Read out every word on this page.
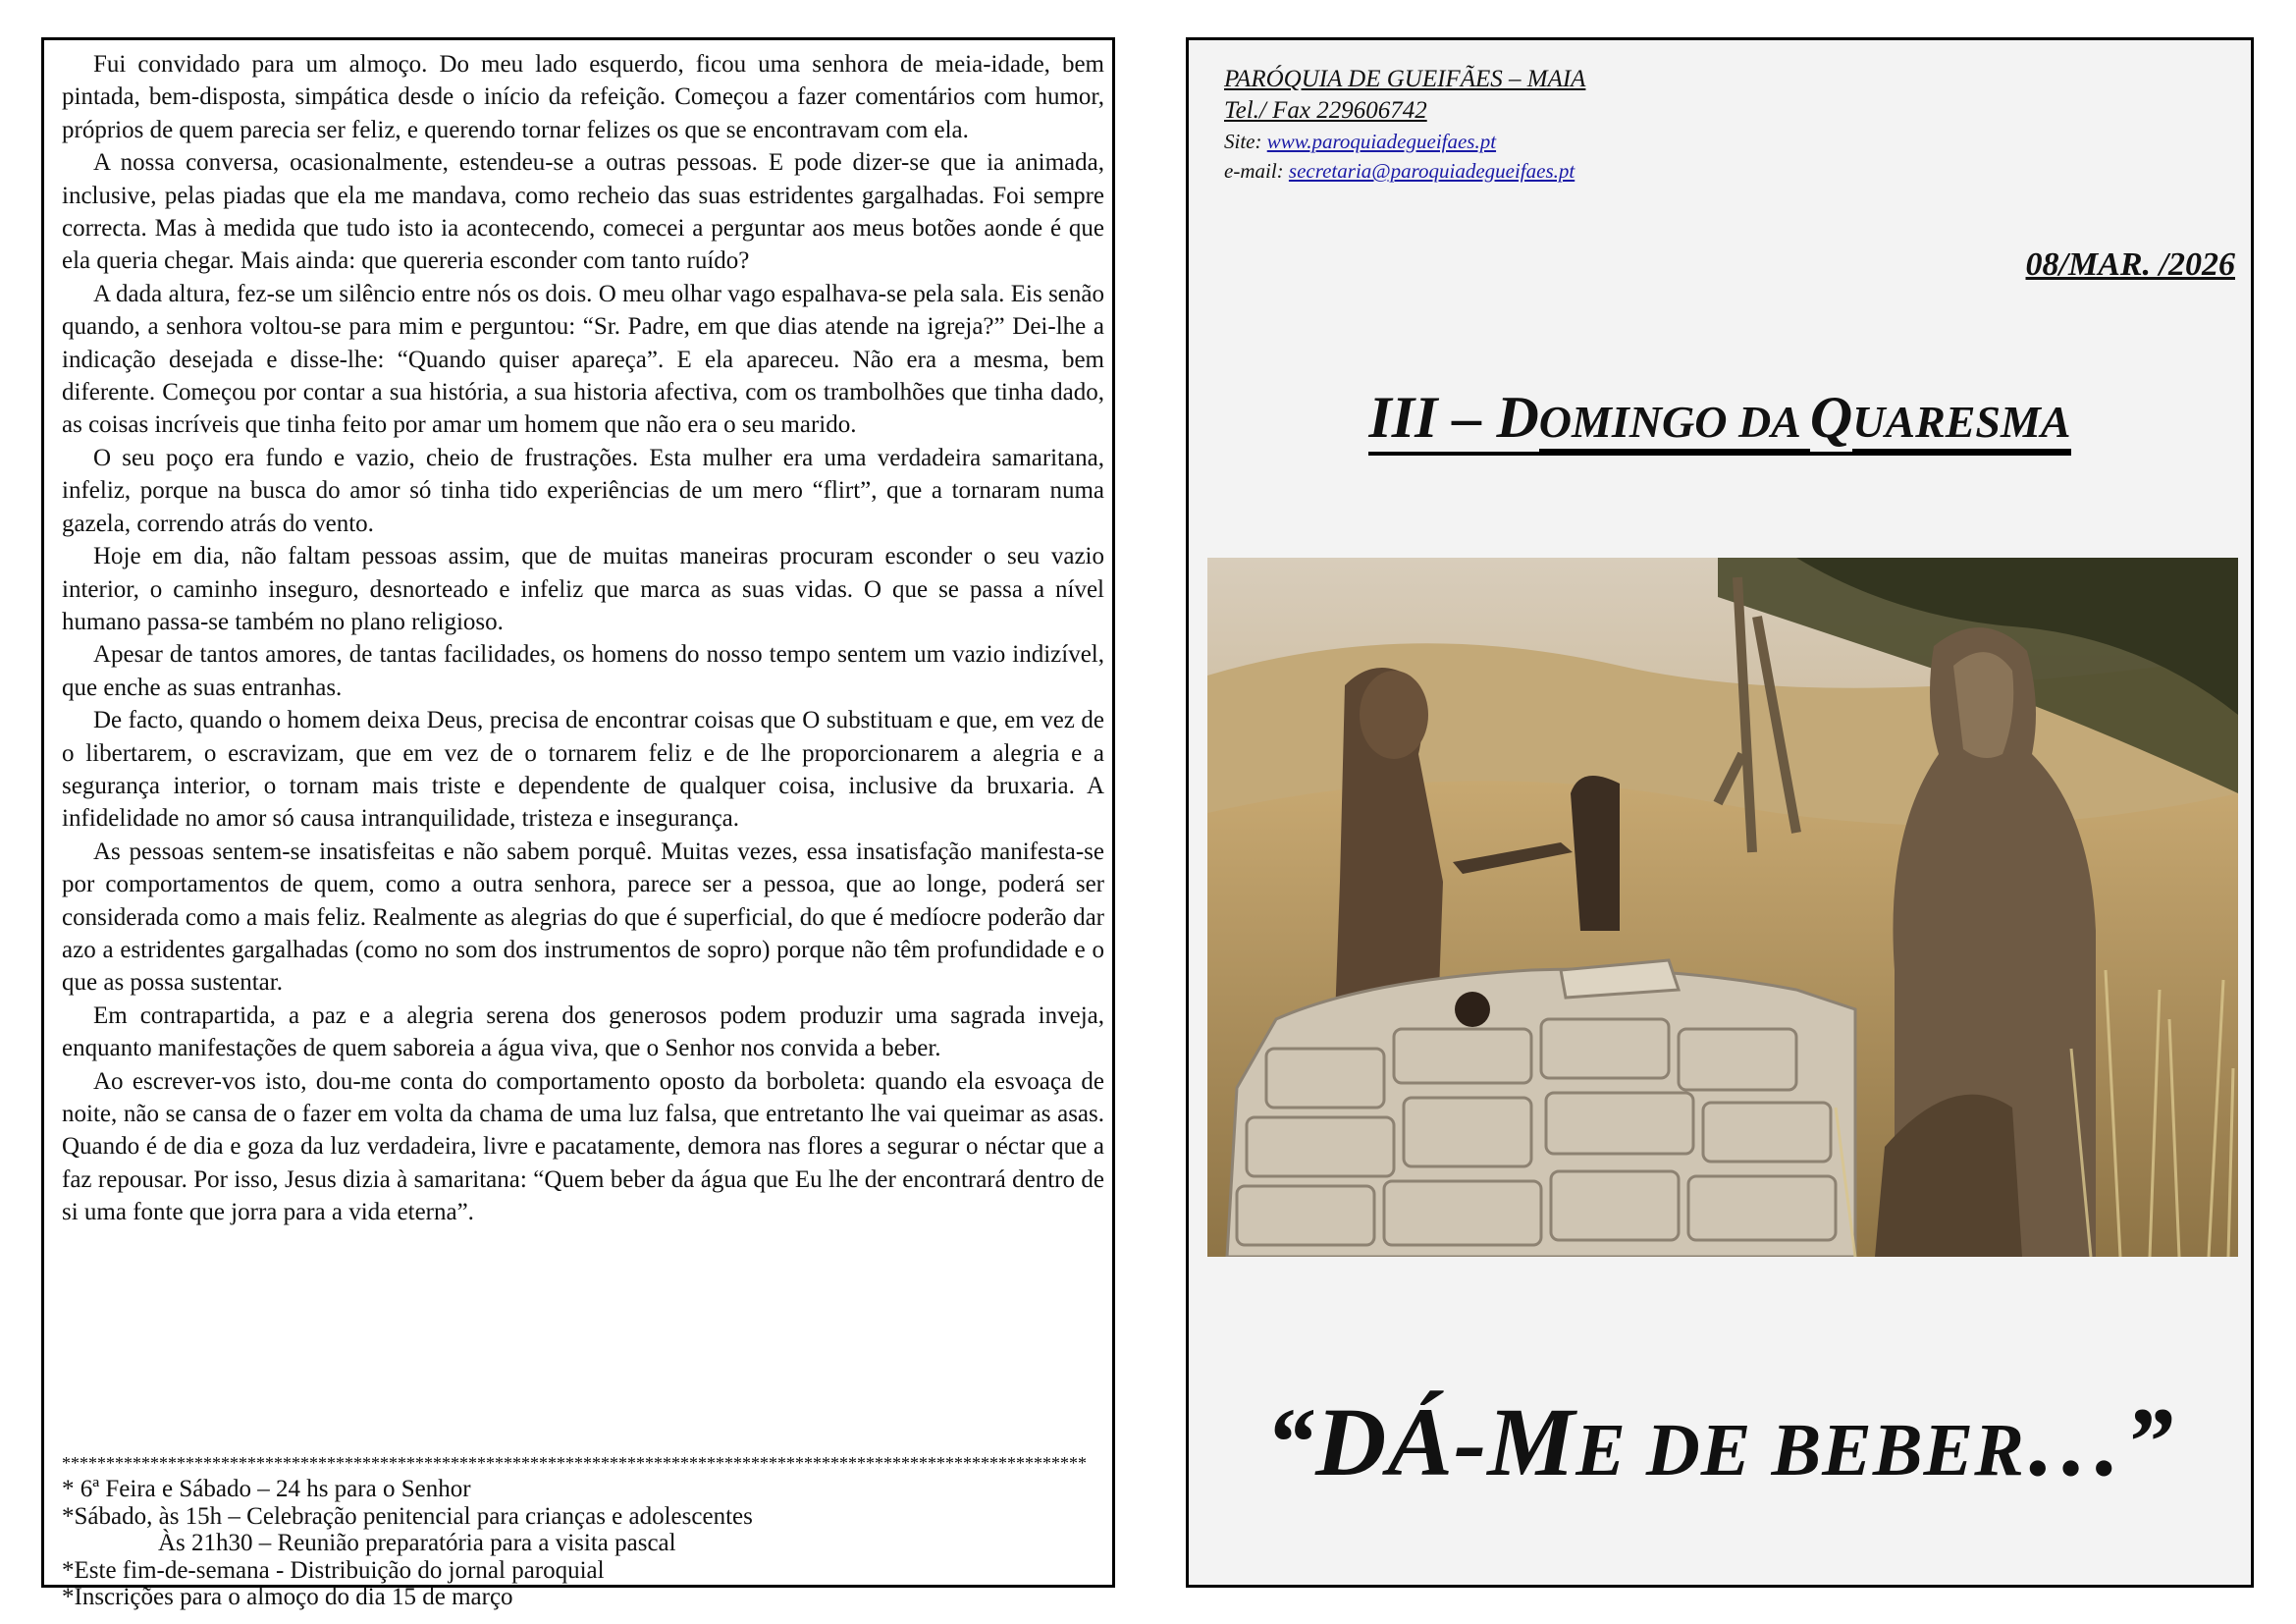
Fui convidado para um almoço. Do meu lado esquerdo, ficou uma senhora de meia-idade, bem pintada, bem-disposta, simpática desde o início da refeição. Começou a fazer comentários com humor, próprios de quem parecia ser feliz, e querendo tornar felizes os que se encontravam com ela.

A nossa conversa, ocasionalmente, estendeu-se a outras pessoas. E pode dizer-se que ia animada, inclusive, pelas piadas que ela me mandava, como recheio das suas estridentes gargalhadas. Foi sempre correcta. Mas à medida que tudo isto ia acontecendo, comecei a perguntar aos meus botões aonde é que ela queria chegar. Mais ainda: que quereria esconder com tanto ruído?

A dada altura, fez-se um silêncio entre nós os dois. O meu olhar vago espalhava-se pela sala. Eis senão quando, a senhora voltou-se para mim e perguntou: “Sr. Padre, em que dias atende na igreja?” Dei-lhe a indicação desejada e disse-lhe: “Quando quiser apareça”. E ela apareceu. Não era a mesma, bem diferente. Começou por contar a sua história, a sua historia afectiva, com os trambolhões que tinha dado, as coisas incríveis que tinha feito por amar um homem que não era o seu marido.

O seu poço era fundo e vazio, cheio de frustrações. Esta mulher era uma verdadeira samaritana, infeliz, porque na busca do amor só tinha tido experiências de um mero “flirt”, que a tornaram numa gazela, correndo atrás do vento.

Hoje em dia, não faltam pessoas assim, que de muitas maneiras procuram esconder o seu vazio interior, o caminho inseguro, desnorteado e infeliz que marca as suas vidas. O que se passa a nível humano passa-se também no plano religioso.

Apesar de tantos amores, de tantas facilidades, os homens do nosso tempo sentem um vazio indizível, que enche as suas entranhas.

De facto, quando o homem deixa Deus, precisa de encontrar coisas que O substituam e que, em vez de o libertarem, o escravizam, que em vez de o tornarem feliz e de lhe proporcionarem a alegria e a segurança interior, o tornam mais triste e dependente de qualquer coisa, inclusive da bruxaria. A infidelidade no amor só causa intranquilidade, tristeza e insegurança.

As pessoas sentem-se insatisfeitas e não sabem porquê. Muitas vezes, essa insatisfação manifesta-se por comportamentos de quem, como a outra senhora, parece ser a pessoa, que ao longe, poderá ser considerada como a mais feliz. Realmente as alegrias do que é superficial, do que é medíocre poderão dar azo a estridentes gargalhadas (como no som dos instrumentos de sopro) porque não têm profundidade e o que as possa sustentar.

Em contrapartida, a paz e a alegria serena dos generosos podem produzir uma sagrada inveja, enquanto manifestações de quem saboreia a água viva, que o Senhor nos convida a beber.

Ao escrever-vos isto, dou-me conta do comportamento oposto da borboleta: quando ela esvoaça de noite, não se cansa de o fazer em volta da chama de uma luz falsa, que entretanto lhe vai queimar as asas. Quando é de dia e goza da luz verdadeira, livre e pacatamente, demora nas flores a segurar o néctar que a faz repousar. Por isso, Jesus dizia à samaritana: “Quem beber da água que Eu lhe der encontrará dentro de si uma fonte que jorra para a vida eterna”.

********************************************************************************************************************
* 6ª Feira e Sábado – 24 hs para o Senhor
*Sábado, às 15h – Celebração penitencial para crianças e adolescentes
Às 21h30 – Reunião preparatória para a visita pascal
*Este fim-de-semana - Distribuição do jornal paroquial
*Inscrições para o almoço do dia 15 de março
PARÓQUIA DE GUEIFÃES – MAIA
Tel./ Fax 229606742
Site: www.paroquiadegueifaes.pt
e-mail: secretaria@paroquiadegueifaes.pt
08/MAR. /2026
III – DOMINGO DA QUARESMA
“DÁ-ME DE BEBER…”
